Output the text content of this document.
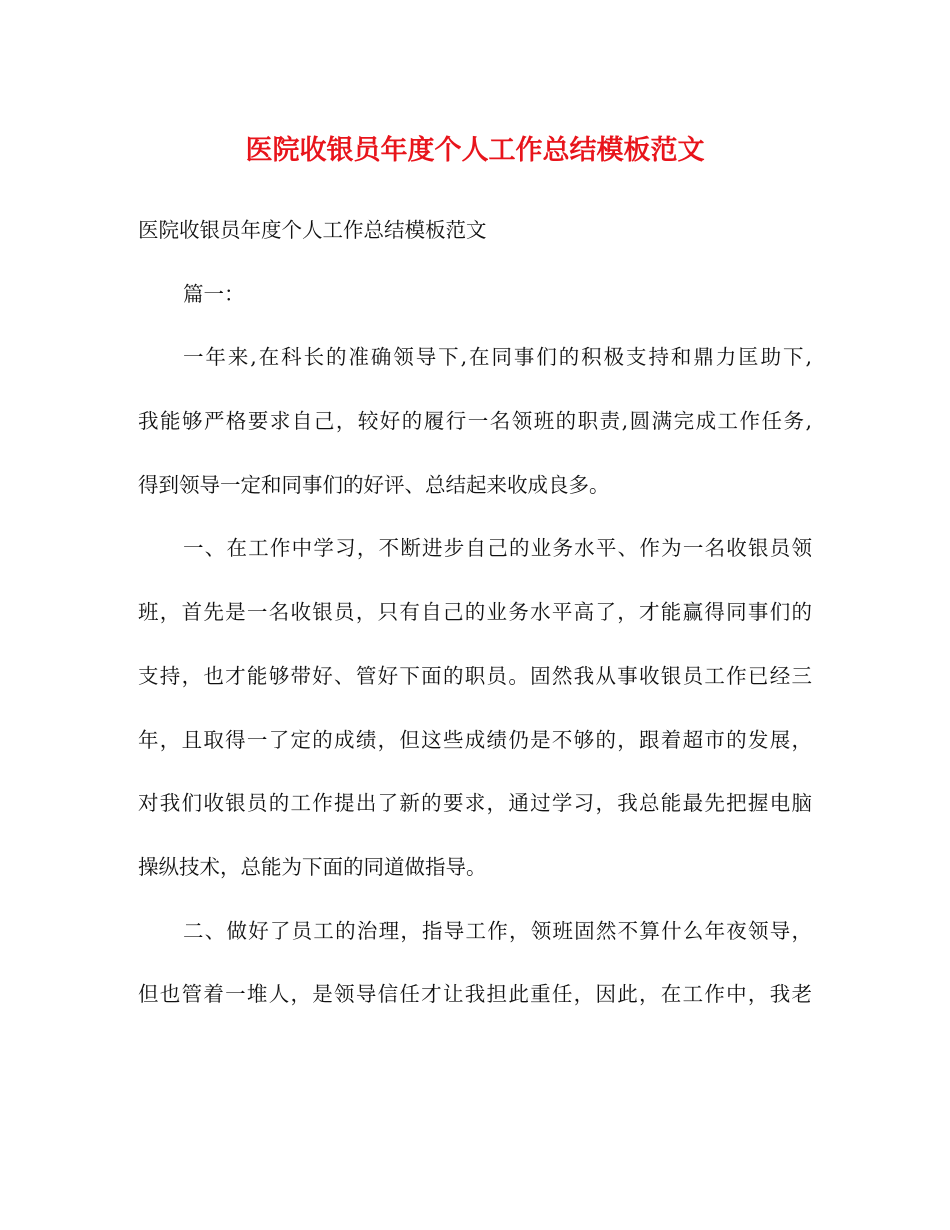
医院收银员年度个人工作总结模板范文
医院收银员年度个人工作总结模板范文
篇一：
一年来,在科长的准确领导下,在同事们的积极支持和鼎力匡助下,
我能够严格要求自己，较好的履行一名领班的职责,圆满完成工作任务,
得到领导一定和同事们的好评、总结起来收成良多。
一、在工作中学习，不断进步自己的业务水平、作为一名收银员领
班，首先是一名收银员，只有自己的业务水平高了，才能赢得同事们的
支持，也才能够带好、管好下面的职员。固然我从事收银员工作已经三
年，且取得一了定的成绩，但这些成绩仍是不够的，跟着超市的发展，
对我们收银员的工作提出了新的要求，通过学习，我总能最先把握电脑
操纵技术，总能为下面的同道做指导。
二、做好了员工的治理，指导工作，领班固然不算什么年夜领导，
但也管着一堆人，是领导信任才让我担此重任，因此，在工作中，我老
